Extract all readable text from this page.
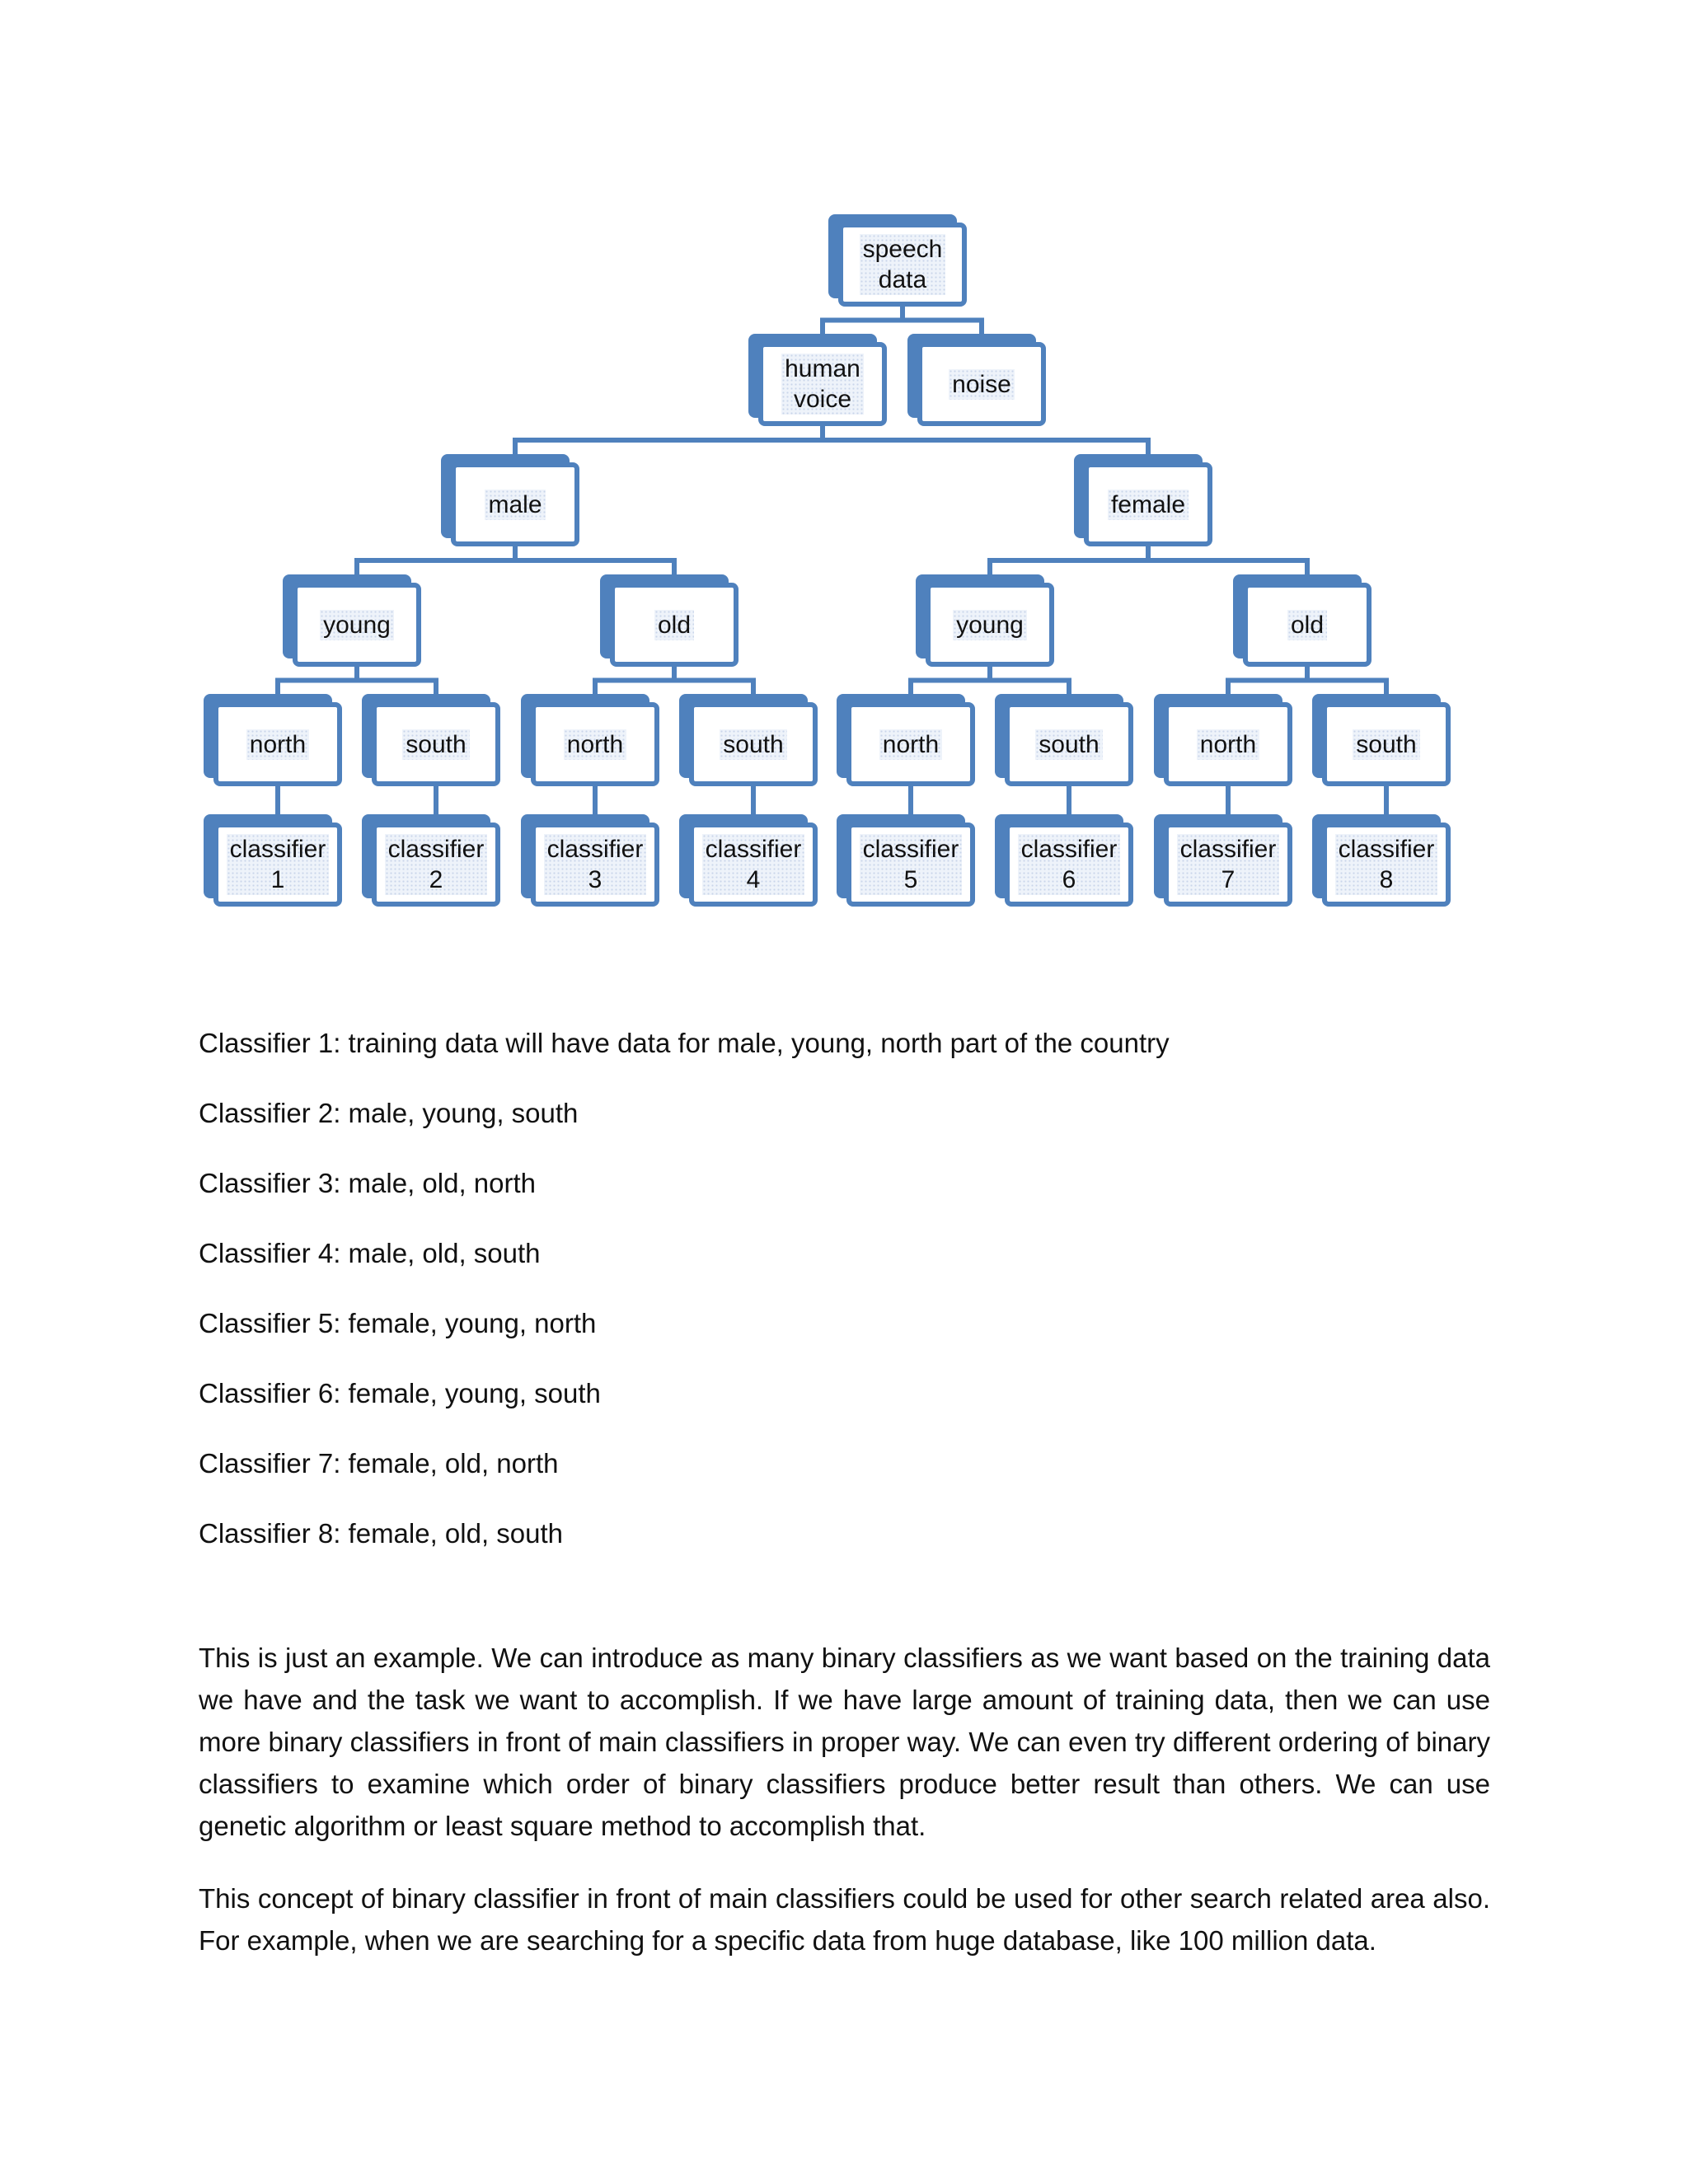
speech
data
human
voice
noise
male	female
young	old	young	old
north	south	north	south	north	south	north	south
classifier
1
classifier
2
classifier
3
classifier
4
classifier
5
classifier
6
classifier
7
classifier
8
Classifier 1: training data will have data for male, young, north part of the country
Classifier 2: male, young, south
Classifier 3: male, old, north
Classifier 4: male, old, south
Classifier 5: female, young, north
Classifier 6: female, young, south
Classifier 7: female, old, north
Classifier 8: female, old, south

This is just an example. We can introduce as many binary classifiers as we want based on the training data we have and the task we want to accomplish. If we have large amount of training data, then we can use more binary classifiers in front of main classifiers in proper way. We can even try different ordering of binary classifiers to examine which order of binary classifiers produce better result than others. We can use genetic algorithm or least square method to accomplish that.

This concept of binary classifier in front of main classifiers could be used for other search related area also. For example, when we are searching for a specific data from huge database, like 100 million data.
